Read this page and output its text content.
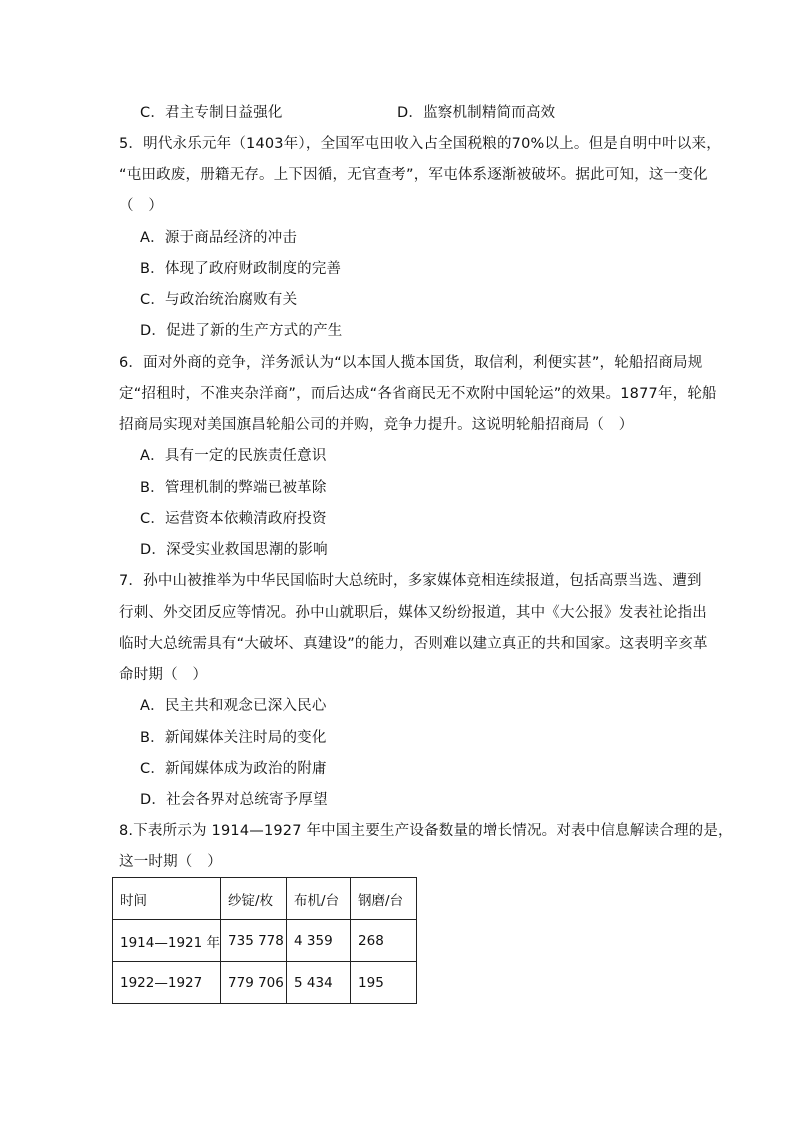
C．君主专制日益强化	D．监察机制精简而高效
5．明代永乐元年（1403年），全国军屯田收入占全国税粮的70%以上。但是自明中叶以来，
“屯田政废，册籍无存。上下因循，无官查考”，军屯体系逐渐被破坏。据此可知，这一变化
（　）
A．源于商品经济的冲击
B．体现了政府财政制度的完善
C．与政治统治腐败有关
D．促进了新的生产方式的产生
6．面对外商的竞争，洋务派认为“以本国人揽本国货，取信利，利便实甚”，轮船招商局规
定“招租时，不准夹杂洋商”，而后达成“各省商民无不欢附中国轮运”的效果。1877年，轮船
招商局实现对美国旗昌轮船公司的并购，竞争力提升。这说明轮船招商局（　）
A．具有一定的民族责任意识
B．管理机制的弊端已被革除
C．运营资本依赖清政府投资
D．深受实业救国思潮的影响
7．孙中山被推举为中华民国临时大总统时，多家媒体竞相连续报道，包括高票当选、遭到
行刺、外交团反应等情况。孙中山就职后，媒体又纷纷报道，其中《大公报》发表社论指出
临时大总统需具有“大破坏、真建设”的能力，否则难以建立真正的共和国家。这表明辛亥革
命时期（　）
A．民主共和观念已深入民心
B．新闻媒体关注时局的变化
C．新闻媒体成为政治的附庸
D．社会各界对总统寄予厚望
8.下表所示为 1914—1927 年中国主要生产设备数量的增长情况。对表中信息解读合理的是，
这一时期（　）
时间	纱锭/枚	布机/台	钢磨/台
1914—1921 年	735 778	4 359	268
1922—1927	779 706	5 434	195
